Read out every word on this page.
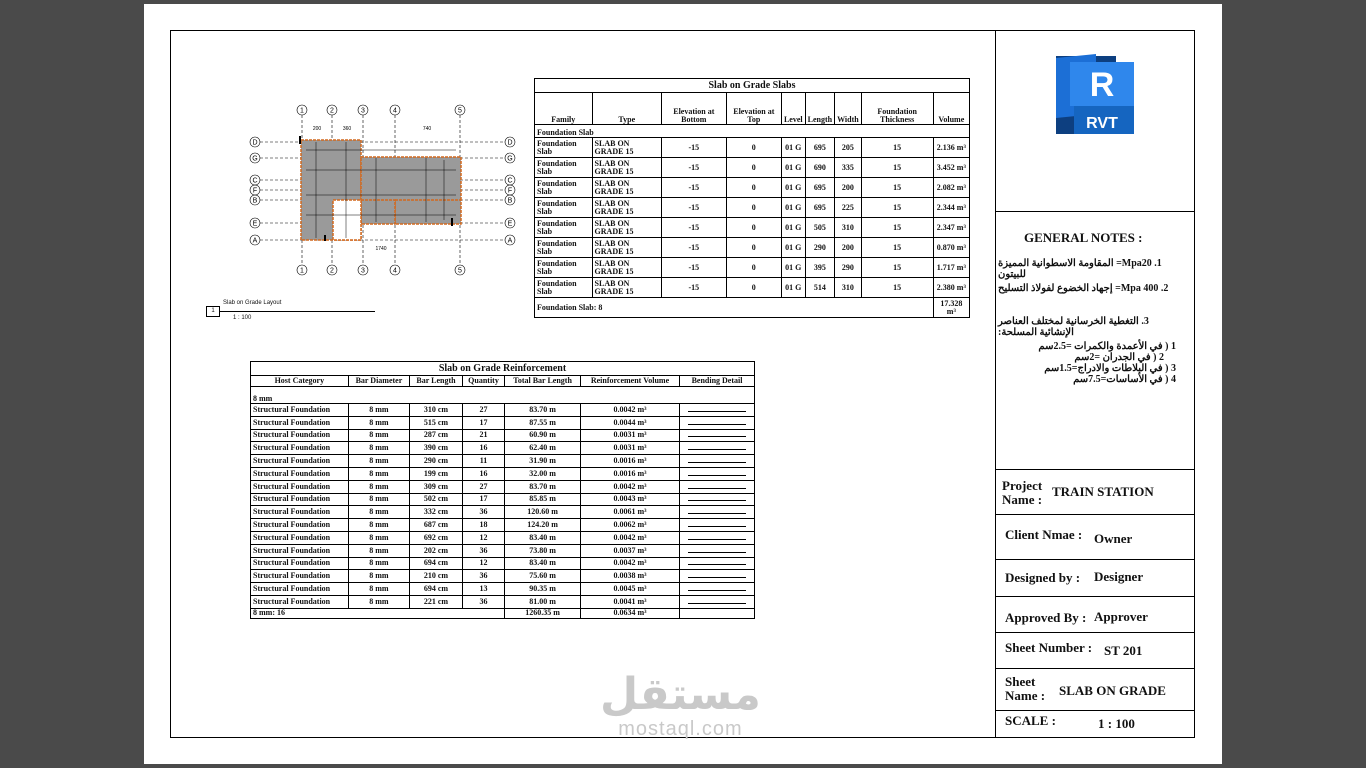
R
RVT
1	2	3	4	5
1	2	3	4	5
D
G
C
F
B
E
A
D
G
C
F
B
E
A
200	360	740
1740
1
Slab on Grade Layout
1 : 100
Slab on Grade Slabs								
Family	Type	Elevation at Bottom	Elevation at Top	Level	Length	Width	Foundation Thickness	Volume
Foundation Slab								
Foundation Slab	SLAB ON GRADE 15	-15	0	01 G	695	205	15	2.136 m³
Foundation Slab	SLAB ON GRADE 15	-15	0	01 G	690	335	15	3.452 m³
Foundation Slab	SLAB ON GRADE 15	-15	0	01 G	695	200	15	2.082 m³
Foundation Slab	SLAB ON GRADE 15	-15	0	01 G	695	225	15	2.344 m³
Foundation Slab	SLAB ON GRADE 15	-15	0	01 G	505	310	15	2.347 m³
Foundation Slab	SLAB ON GRADE 15	-15	0	01 G	290	200	15	0.870 m³
Foundation Slab	SLAB ON GRADE 15	-15	0	01 G	395	290	15	1.717 m³
Foundation Slab	SLAB ON GRADE 15	-15	0	01 G	514	310	15	2.380 m³
Foundation Slab: 8								17.328 m³
Slab on Grade Reinforcement						
Host Category	Bar Diameter	Bar Length	Quantity	Total Bar Length	Reinforcement Volume	Bending Detail
8 mm						
Structural Foundation	8 mm	310 cm	27	83.70 m	0.0042 m³	
Structural Foundation	8 mm	515 cm	17	87.55 m	0.0044 m³	
Structural Foundation	8 mm	287 cm	21	60.90 m	0.0031 m³	
Structural Foundation	8 mm	390 cm	16	62.40 m	0.0031 m³	
Structural Foundation	8 mm	290 cm	11	31.90 m	0.0016 m³	
Structural Foundation	8 mm	199 cm	16	32.00 m	0.0016 m³	
Structural Foundation	8 mm	309 cm	27	83.70 m	0.0042 m³	
Structural Foundation	8 mm	502 cm	17	85.85 m	0.0043 m³	
Structural Foundation	8 mm	332 cm	36	120.60 m	0.0061 m³	
Structural Foundation	8 mm	687 cm	18	124.20 m	0.0062 m³	
Structural Foundation	8 mm	692 cm	12	83.40 m	0.0042 m³	
Structural Foundation	8 mm	202 cm	36	73.80 m	0.0037 m³	
Structural Foundation	8 mm	694 cm	12	83.40 m	0.0042 m³	
Structural Foundation	8 mm	210 cm	36	75.60 m	0.0038 m³	
Structural Foundation	8 mm	694 cm	13	90.35 m	0.0045 m³	
Structural Foundation	8 mm	221 cm	36	81.00 m	0.0041 m³	
8 mm: 16				1260.35 m	0.0634 m³	
GENERAL NOTES :
1. Mpa20= المقاومة الاسطوانية المميزة للبيتون
2. Mpa 400= إجهاد الخضوع لفولاذ التسليح
3. التغطية الخرسانية لمختلف العناصر الإنشائية المسلحة:
1 ( في الأعمدة والكمرات =2.5سم
2 ( في الجدران =2سم
3 ( في البلاطات والادراج=1.5سم
4 ( في الأساسات=7.5سم
Project Name :
TRAIN STATION
Client Nmae : Owner
Designed by : Designer
Approved By : Approver
Sheet Number : ST 201
Sheet Name :	SLAB ON GRADE
SCALE :	1 : 100
مستقل
mostaql.com
